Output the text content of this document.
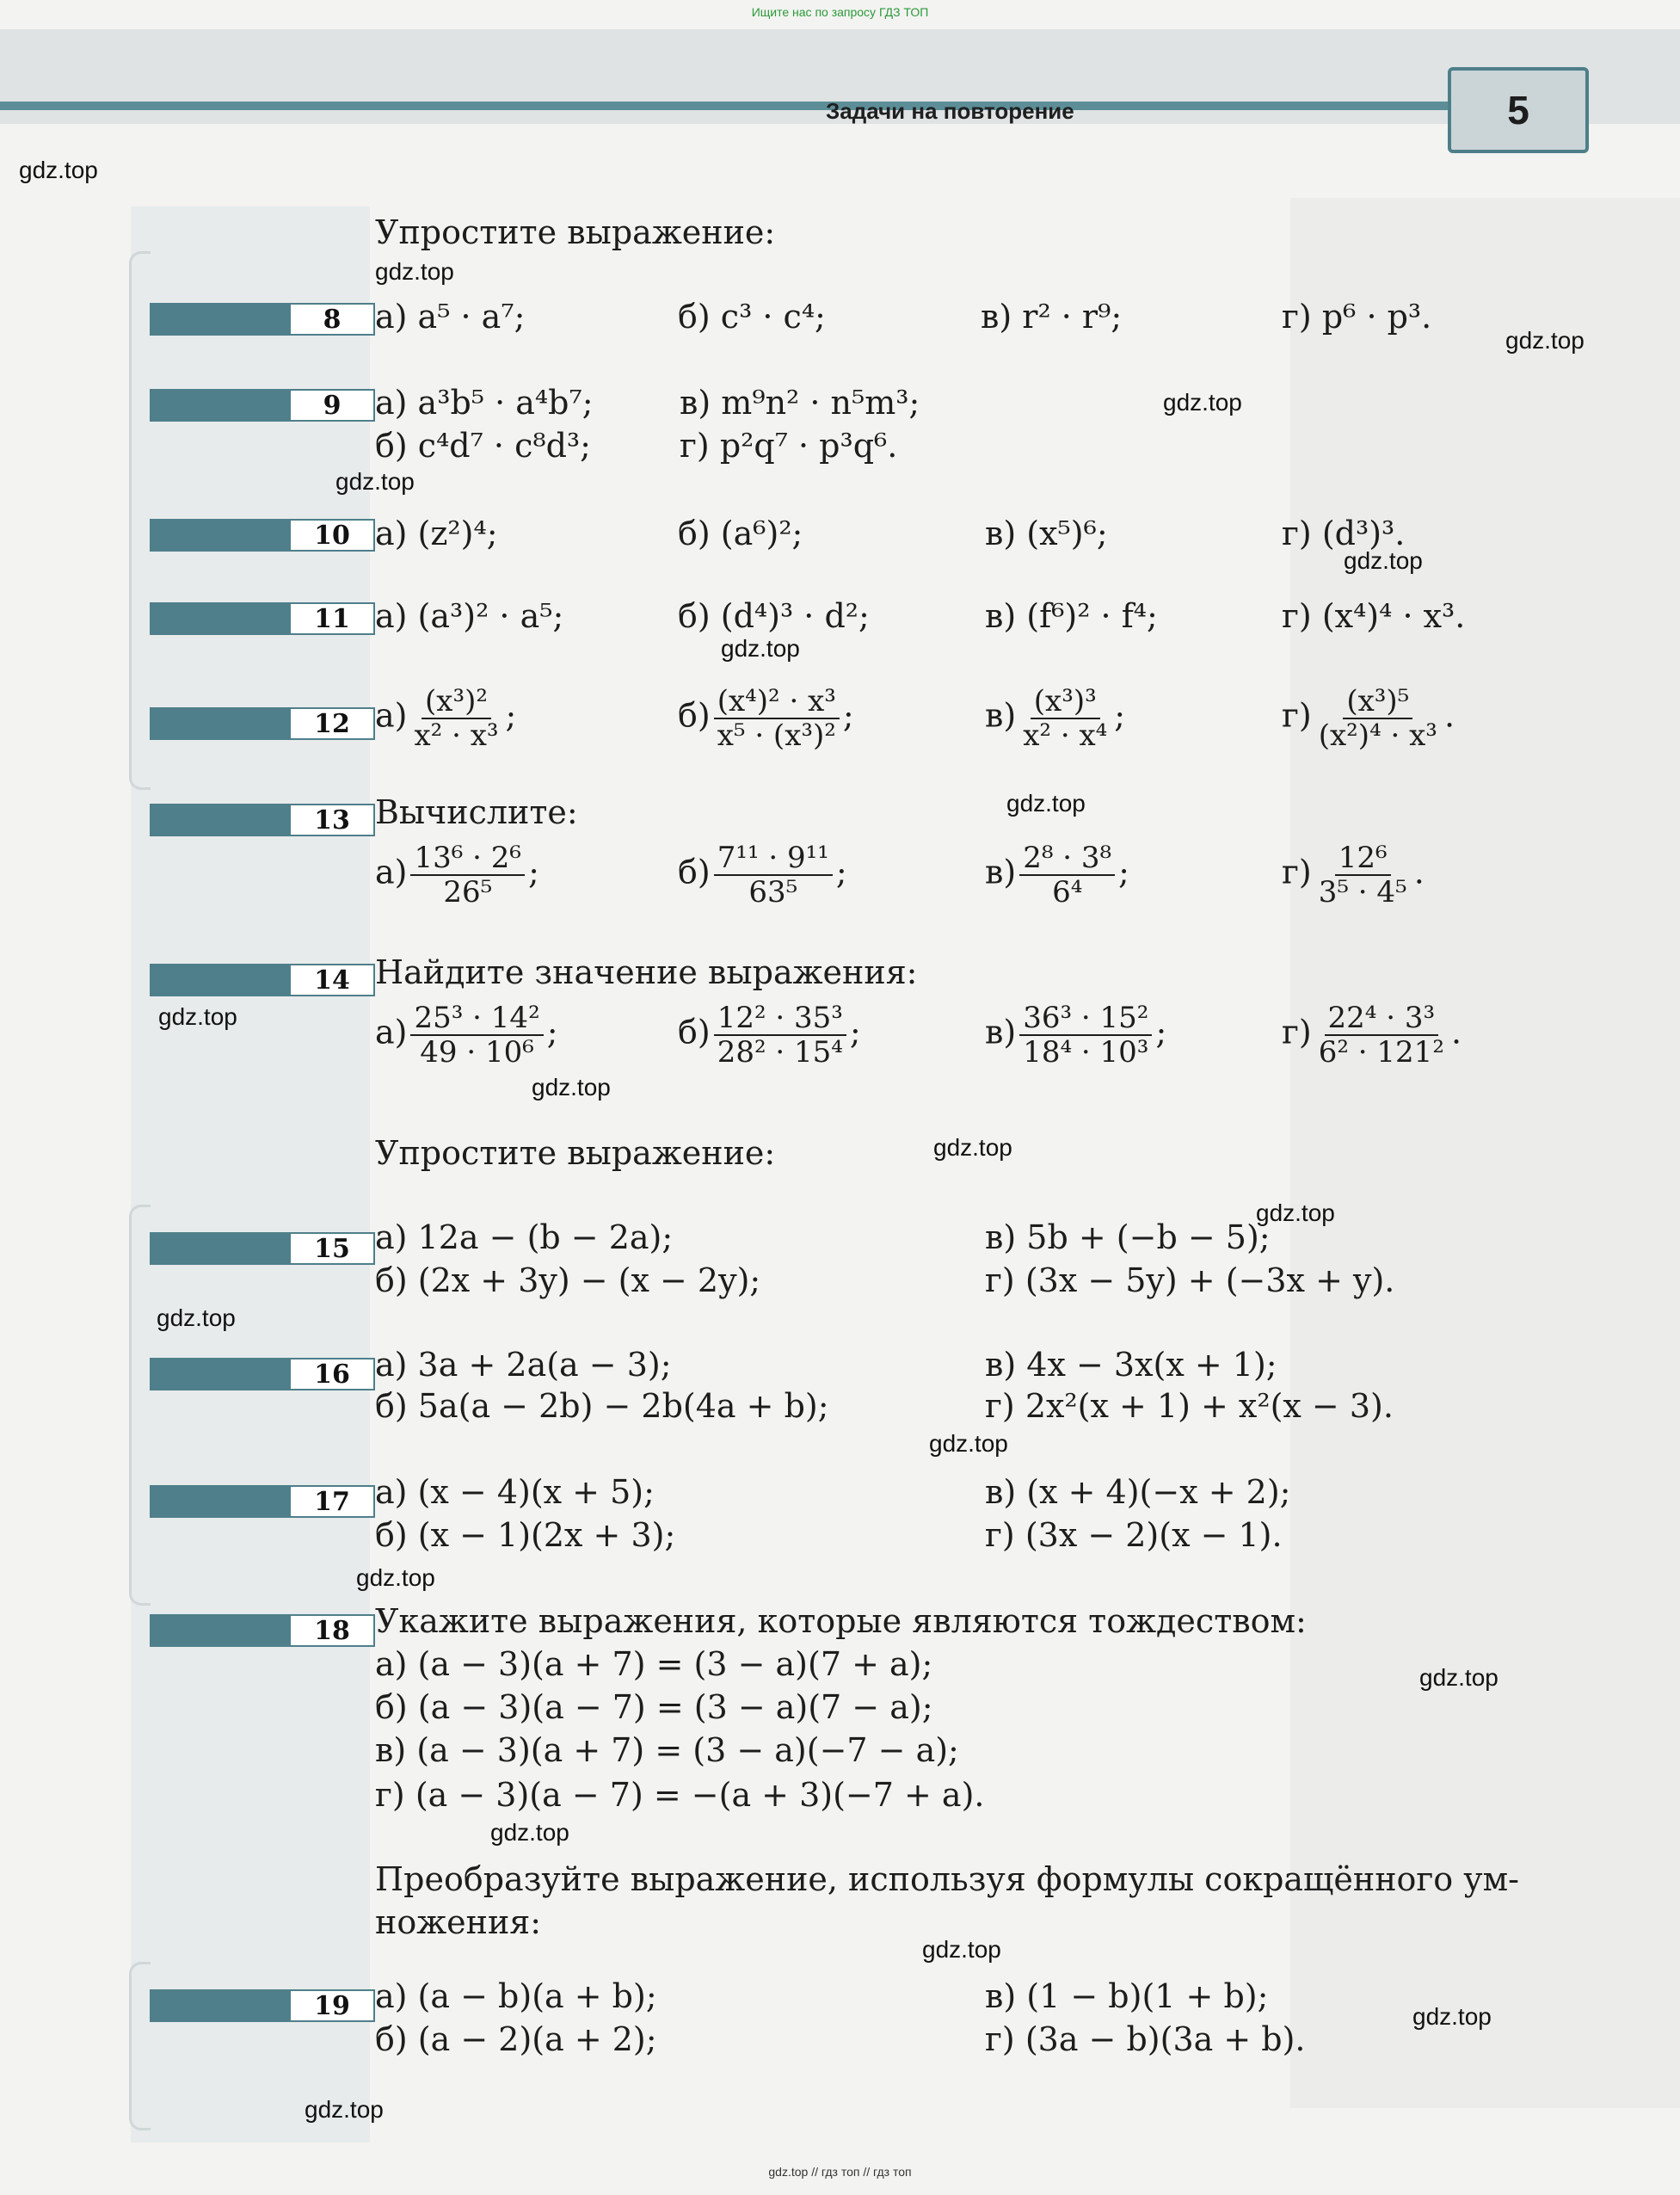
Ищите нас по запросу ГДЗ ТОП
Задачи на повторение	5
8
9
10
11
12
13
14
15
16
17
18
19
Упростите выражение:
а) a⁵ · a⁷;	б) c³ · c⁴;	в) r² · r⁹;	г) p⁶ · p³.
а) a³b⁵ · a⁴b⁷;	в) m⁹n² · n⁵m³;
б) c⁴d⁷ · c⁸d³;	г) p²q⁷ · p³q⁶.
а) (z²)⁴;	б) (a⁶)²;	в) (x⁵)⁶;	г) (d³)³.
а) (a³)² · a⁵;	б) (d⁴)³ · d²;	в) (f⁶)² · f⁴;	г) (x⁴)⁴ · x³.
$а) \frac{\text{(x³)²}}{\text{x² · x³}}$ ;	$б) \frac{\text{(x⁴)² · x³}}{\text{x⁵ · (x³)²}}$ ;	$в) \frac{\text{(x³)³}}{\text{x² · x⁴}}$ ;	$г) \frac{\text{(x³)⁵}}{\text{(x²)⁴ · x³}}$ .
Вычислите:
$а) \frac{\text{13⁶ · 2⁶}}{\text{26⁵}}$ ;	$б) \frac{\text{7¹¹ · 9¹¹}}{\text{63⁵}}$ ;	$в) \frac{\text{2⁸ · 3⁸}}{\text{6⁴}}$ ;	$г) \frac{\text{12⁶}}{\text{3⁵ · 4⁵}}$ .
Найдите значение выражения:
$а) \frac{\text{25³ · 14²}}{\text{49 · 10⁶}}$ ;	$б) \frac{\text{12² · 35³}}{\text{28² · 15⁴}}$ ;	$в) \frac{\text{36³ · 15²}}{\text{18⁴ · 10³}}$ ;	$г) \frac{\text{22⁴ · 3³}}{\text{6² · 121²}}$ .
Упростите выражение:
а) 12a − (b − 2a);	в) 5b + (−b − 5);
б) (2x + 3y) − (x − 2y);	г) (3x − 5y) + (−3x + y).
а) 3a + 2a(a − 3);	в) 4x − 3x(x + 1);
б) 5a(a − 2b) − 2b(4a + b);	г) 2x²(x + 1) + x²(x − 3).
а) (x − 4)(x + 5);	в) (x + 4)(−x + 2);
б) (x − 1)(2x + 3);	г) (3x − 2)(x − 1).
Укажите выражения, которые являются тождеством:
а) (a − 3)(a + 7) = (3 − a)(7 + a);
б) (a − 3)(a − 7) = (3 − a)(7 − a);
в) (a − 3)(a + 7) = (3 − a)(−7 − a);
г) (a − 3)(a − 7) = −(a + 3)(−7 + a).
Преобразуйте выражение, используя формулы сокращённого ум-
ножения:
а) (a − b)(a + b);	в) (1 − b)(1 + b);
б) (a − 2)(a + 2);	г) (3a − b)(3a + b).
gdz.top
gdz.top
gdz.top
gdz.top
gdz.top
gdz.top
gdz.top
gdz.top
gdz.top
gdz.top
gdz.top
gdz.top
gdz.top
gdz.top
gdz.top
gdz.top
gdz.top
gdz.top
gdz.top
gdz.top
gdz.top // гдз топ // гдз топ
